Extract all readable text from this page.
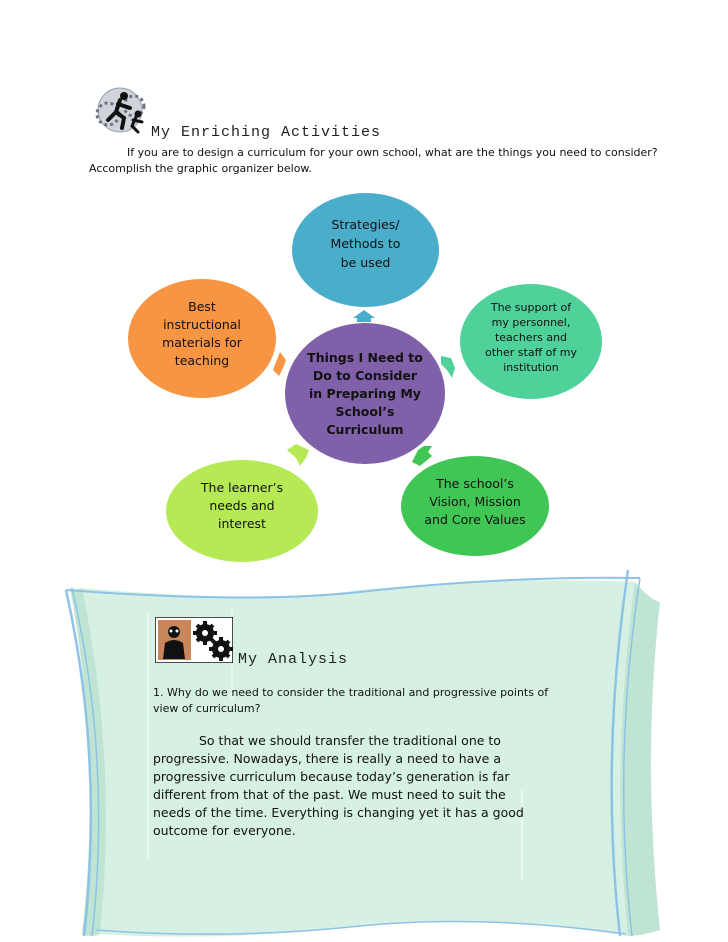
My Enriching Activities
If you are to design a curriculum for your own school, what are the things you need to consider?
Accomplish the graphic organizer below.
Things I Need to
Do to Consider
in Preparing My
School’s
Curriculum
Strategies/
Methods to
be used
The support of
my personnel,
teachers and
other staff of my
institution
The school’s
Vision, Mission
and Core Values
The learner’s
needs and
interest
Best
instructional
materials for
teaching
My Analysis
1. Why do we need to consider the traditional and progressive points of
view of curriculum?
So that we should transfer the traditional one to
progressive. Nowadays, there is really a need to have a
progressive curriculum because today’s generation is far
different from that of the past. We must need to suit the
needs of the time. Everything is changing yet it has a good
outcome for everyone.
